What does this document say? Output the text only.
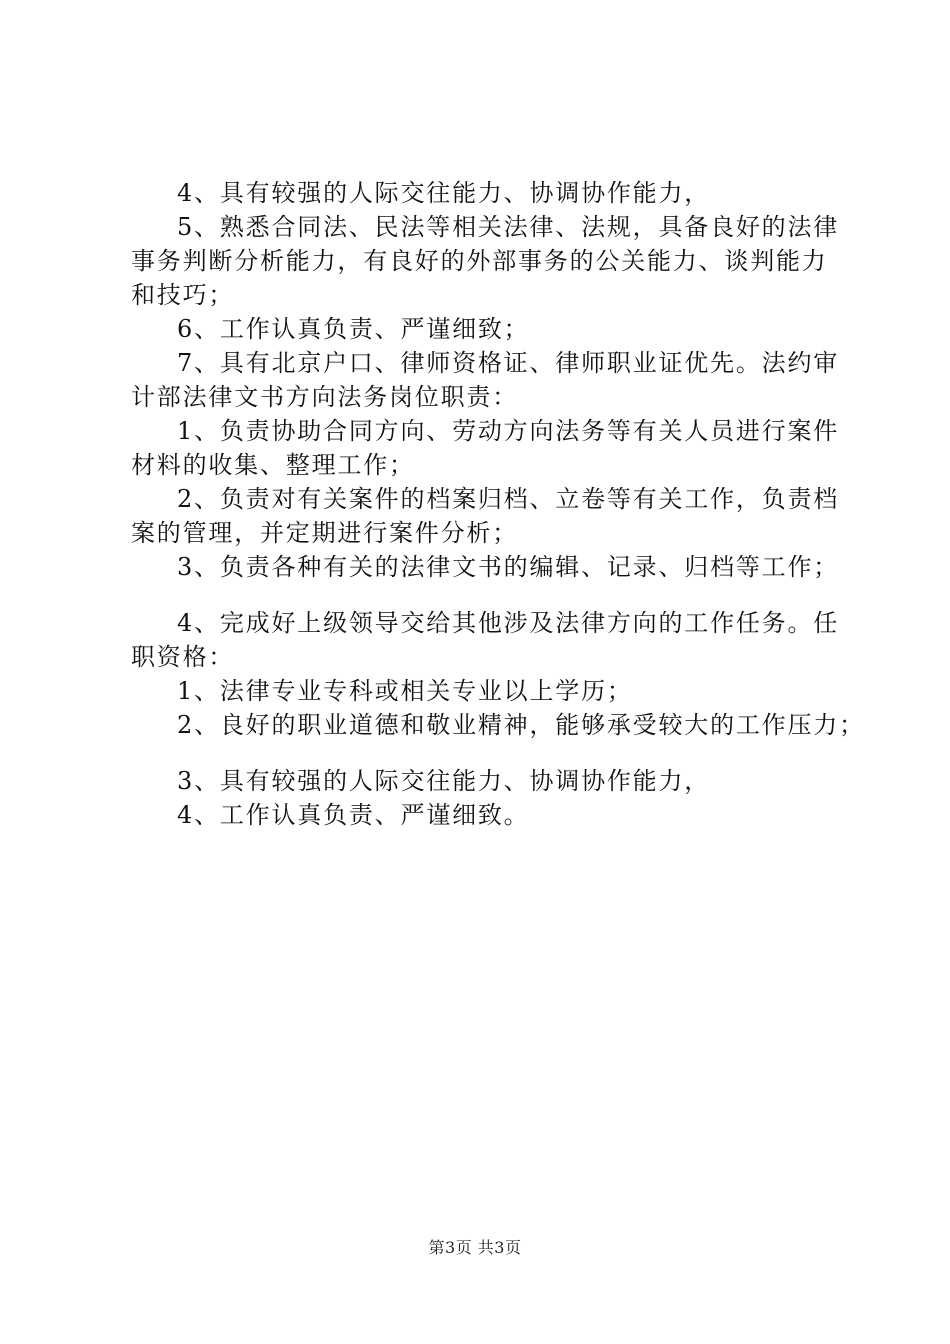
4、具有较强的人际交往能力、协调协作能力，
5、熟悉合同法、民法等相关法律、法规，具备良好的法律
事务判断分析能力，有良好的外部事务的公关能力、谈判能力
和技巧；
6、工作认真负责、严谨细致；
7、具有北京户口、律师资格证、律师职业证优先。法约审
计部法律文书方向法务岗位职责：
1、负责协助合同方向、劳动方向法务等有关人员进行案件
材料的收集、整理工作；
2、负责对有关案件的档案归档、立卷等有关工作，负责档
案的管理，并定期进行案件分析；
3、负责各种有关的法律文书的编辑、记录、归档等工作；
4、完成好上级领导交给其他涉及法律方向的工作任务。任
职资格：
1、法律专业专科或相关专业以上学历；
2、良好的职业道德和敬业精神，能够承受较大的工作压力；
3、具有较强的人际交往能力、协调协作能力，
4、工作认真负责、严谨细致。
第3页 共3页
